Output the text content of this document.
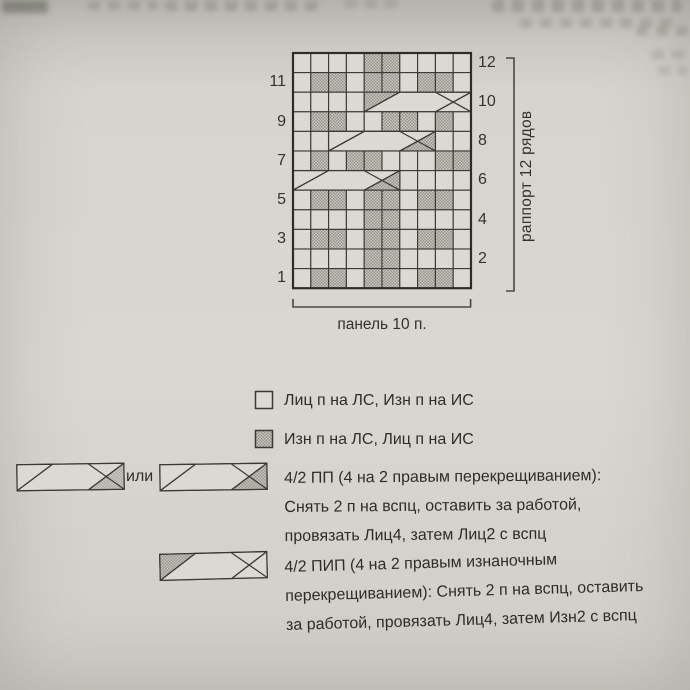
раппорт 12 рядов
панель 10 п.
Лиц п на ЛС, Изн п на ИС
Изн п на ЛС, Лиц п на ИС
или	4/2 ПП (4 на 2 правым перекрещиванием):
Снять 2 п на вспц, оставить за работой,
провязать Лиц4, затем Лиц2 с вспц
4/2 ПИП (4 на 2 правым изнаночным
перекрещиванием): Снять 2 п на вспц, оставить
за работой, провязать Лиц4, затем Изн2 с вспц
11
9
7
5
3
1
12
10
8
6
4
2
